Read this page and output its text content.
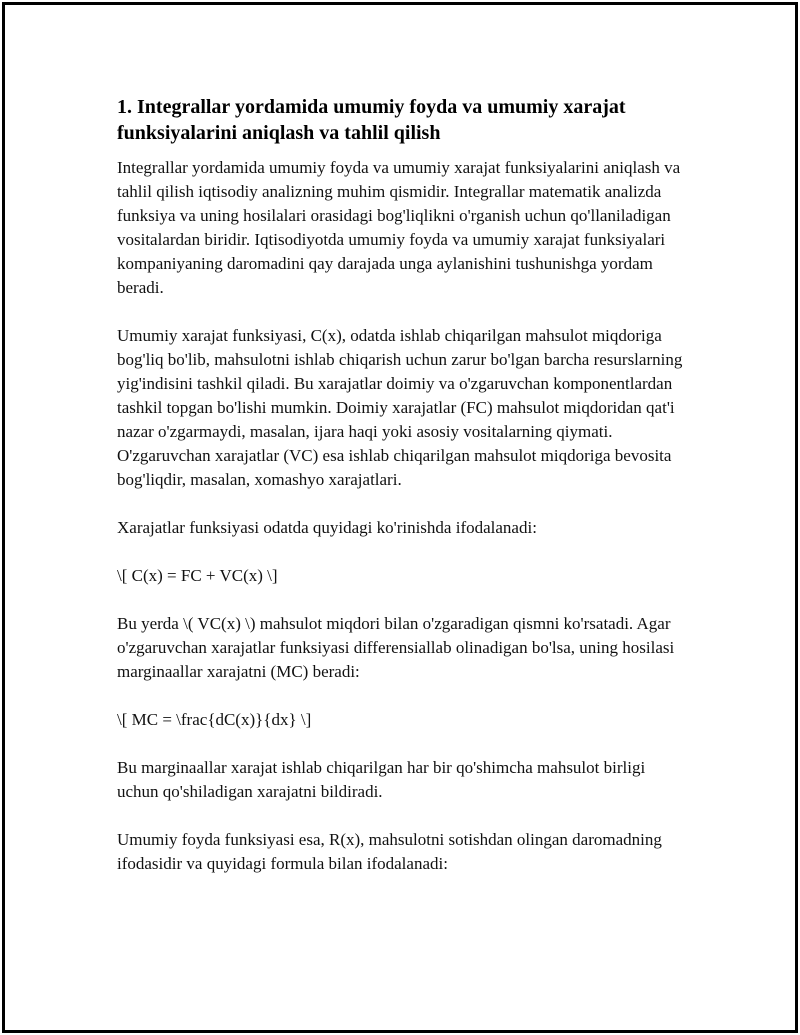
1. Integrallar yordamida umumiy foyda va umumiy xarajat funksiyalarini aniqlash va tahlil qilish

Integrallar yordamida umumiy foyda va umumiy xarajat funksiyalarini aniqlash va tahlil qilish iqtisodiy analizning muhim qismidir. Integrallar matematik analizda funksiya va uning hosilalari orasidagi bog'liqlikni o'rganish uchun qo'llaniladigan vositalardan biridir. Iqtisodiyotda umumiy foyda va umumiy xarajat funksiyalari kompaniyaning daromadini qay darajada unga aylanishini tushunishga yordam beradi.

Umumiy xarajat funksiyasi, C(x), odatda ishlab chiqarilgan mahsulot miqdoriga bog'liq bo'lib, mahsulotni ishlab chiqarish uchun zarur bo'lgan barcha resurslarning yig'indisini tashkil qiladi. Bu xarajatlar doimiy va o'zgaruvchan komponentlardan tashkil topgan bo'lishi mumkin. Doimiy xarajatlar (FC) mahsulot miqdoridan qat'i nazar o'zgarmaydi, masalan, ijara haqi yoki asosiy vositalarning qiymati. O'zgaruvchan xarajatlar (VC) esa ishlab chiqarilgan mahsulot miqdoriga bevosita bog'liqdir, masalan, xomashyo xarajatlari.

Xarajatlar funksiyasi odatda quyidagi ko'rinishda ifodalanadi:

\[ C(x) = FC + VC(x) \]

Bu yerda \( VC(x) \) mahsulot miqdori bilan o'zgaradigan qismni ko'rsatadi. Agar o'zgaruvchan xarajatlar funksiyasi differensiallab olinadigan bo'lsa, uning hosilasi marginaallar xarajatni (MC) beradi:

\[ MC = \frac{dC(x)}{dx} \]

Bu marginaallar xarajat ishlab chiqarilgan har bir qo'shimcha mahsulot birligi uchun qo'shiladigan xarajatni bildiradi.

Umumiy foyda funksiyasi esa, R(x), mahsulotni sotishdan olingan daromadning ifodasidir va quyidagi formula bilan ifodalanadi:
